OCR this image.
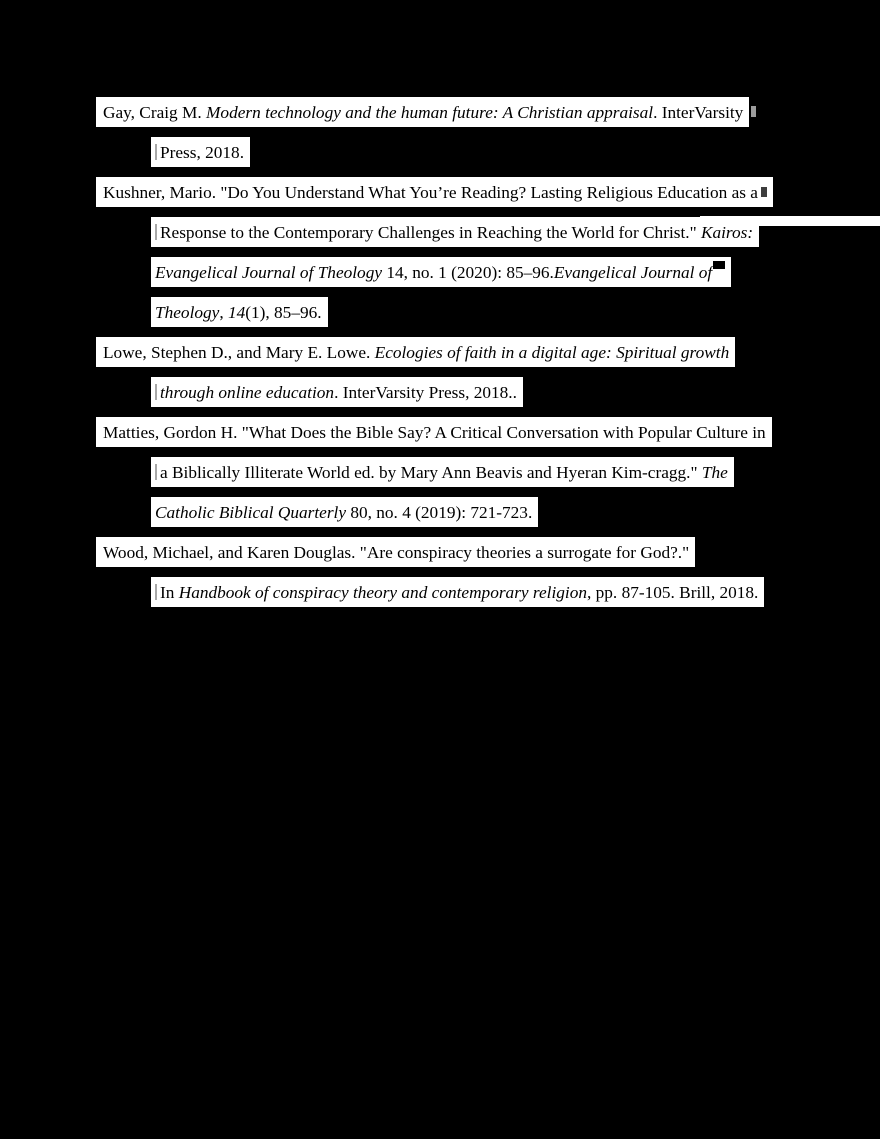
Gay, Craig M. Modern technology and the human future: A Christian appraisal. InterVarsity
Press, 2018.
Kushner, Mario. "Do You Understand What You’re Reading? Lasting Religious Education as a
Response to the Contemporary Challenges in Reaching the World for Christ." Kairos:
Evangelical Journal of Theology 14, no. 1 (2020): 85–96.Evangelical Journal of
Theology, 14(1), 85–96.
Lowe, Stephen D., and Mary E. Lowe. Ecologies of faith in a digital age: Spiritual growth
through online education. InterVarsity Press, 2018..
Matties, Gordon H. "What Does the Bible Say? A Critical Conversation with Popular Culture in
a Biblically Illiterate World ed. by Mary Ann Beavis and Hyeran Kim-cragg." The
Catholic Biblical Quarterly 80, no. 4 (2019): 721-723.
Wood, Michael, and Karen Douglas. "Are conspiracy theories a surrogate for God?."
In Handbook of conspiracy theory and contemporary religion, pp. 87-105. Brill, 2018.
